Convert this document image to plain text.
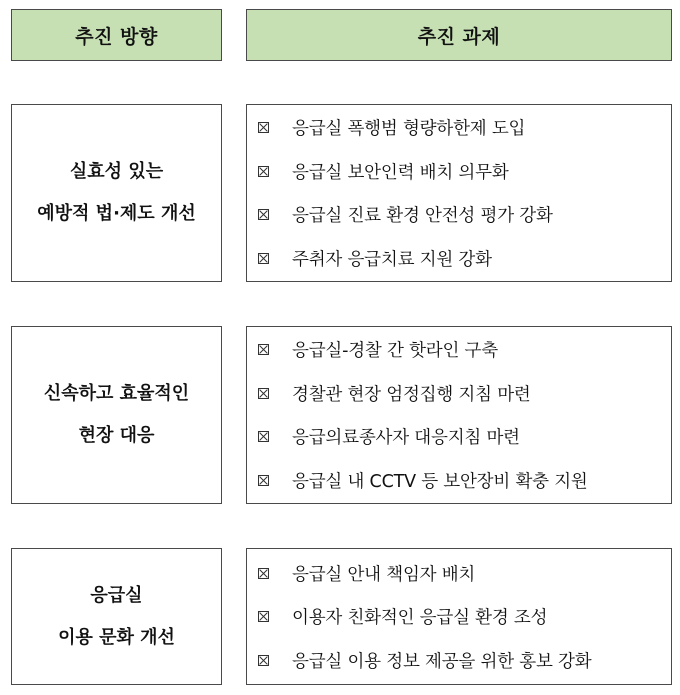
추진 방향	추진 과제
실효성 있는
예방적 법·제도 개선
응급실 폭행범 형량하한제 도입
응급실 보안인력 배치 의무화
응급실 진료 환경 안전성 평가 강화
주취자 응급치료 지원 강화
신속하고 효율적인
현장 대응
응급실-경찰 간 핫라인 구축
경찰관 현장 엄정집행 지침 마련
응급의료종사자 대응지침 마련
응급실 내 CCTV 등 보안장비 확충 지원
응급실
이용 문화 개선
응급실 안내 책임자 배치
이용자 친화적인 응급실 환경 조성
응급실 이용 정보 제공을 위한 홍보 강화
